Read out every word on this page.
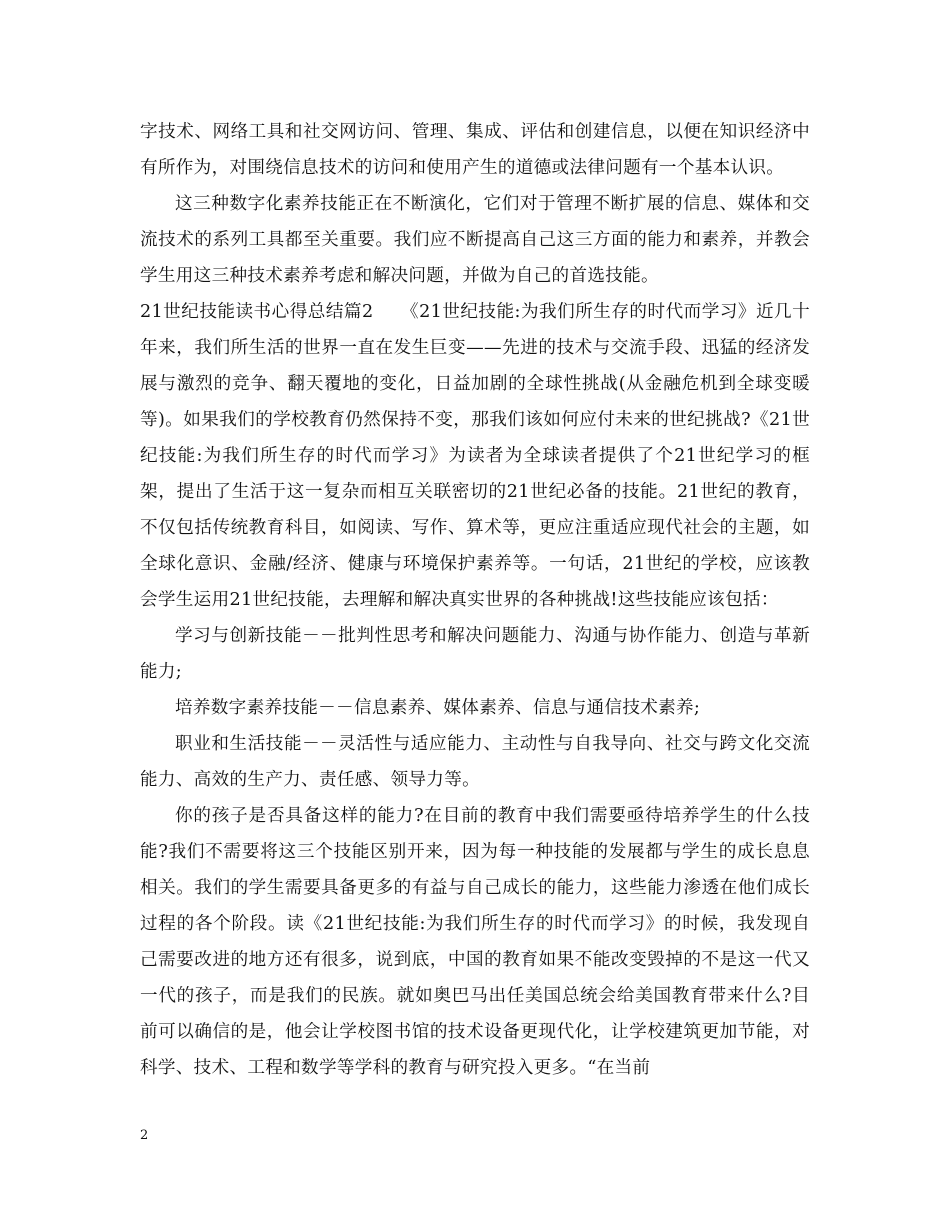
字技术、网络工具和社交网访问、管理、集成、评估和创建信息，以便在知识经济中有所作为，对围绕信息技术的访问和使用产生的道德或法律问题有一个基本认识。

这三种数字化素养技能正在不断演化，它们对于管理不断扩展的信息、媒体和交流技术的系列工具都至关重要。我们应不断提高自己这三方面的能力和素养，并教会学生用这三种技术素养考虑和解决问题，并做为自己的首选技能。

21世纪技能读书心得总结篇2　　《21世纪技能:为我们所生存的时代而学习》近几十年来，我们所生活的世界一直在发生巨变——先进的技术与交流手段、迅猛的经济发展与激烈的竞争、翻天覆地的变化，日益加剧的全球性挑战(从金融危机到全球变暖等)。如果我们的学校教育仍然保持不变，那我们该如何应付未来的世纪挑战?《21世纪技能:为我们所生存的时代而学习》为读者为全球读者提供了个21世纪学习的框架，提出了生活于这一复杂而相互关联密切的21世纪必备的技能。21世纪的教育，不仅包括传统教育科目，如阅读、写作、算术等，更应注重适应现代社会的主题，如全球化意识、金融/经济、健康与环境保护素养等。一句话，21世纪的学校，应该教会学生运用21世纪技能，去理解和解决真实世界的各种挑战!这些技能应该包括：

学习与创新技能－－批判性思考和解决问题能力、沟通与协作能力、创造与革新能力;

培养数字素养技能－－信息素养、媒体素养、信息与通信技术素养;

职业和生活技能－－灵活性与适应能力、主动性与自我导向、社交与跨文化交流能力、高效的生产力、责任感、领导力等。

你的孩子是否具备这样的能力?在目前的教育中我们需要亟待培养学生的什么技能?我们不需要将这三个技能区别开来，因为每一种技能的发展都与学生的成长息息相关。我们的学生需要具备更多的有益与自己成长的能力，这些能力渗透在他们成长过程的各个阶段。读《21世纪技能:为我们所生存的时代而学习》的时候，我发现自己需要改进的地方还有很多，说到底，中国的教育如果不能改变毁掉的不是这一代又一代的孩子，而是我们的民族。就如奥巴马出任美国总统会给美国教育带来什么?目前可以确信的是，他会让学校图书馆的技术设备更现代化，让学校建筑更加节能，对科学、技术、工程和数学等学科的教育与研究投入更多。“在当前

2
